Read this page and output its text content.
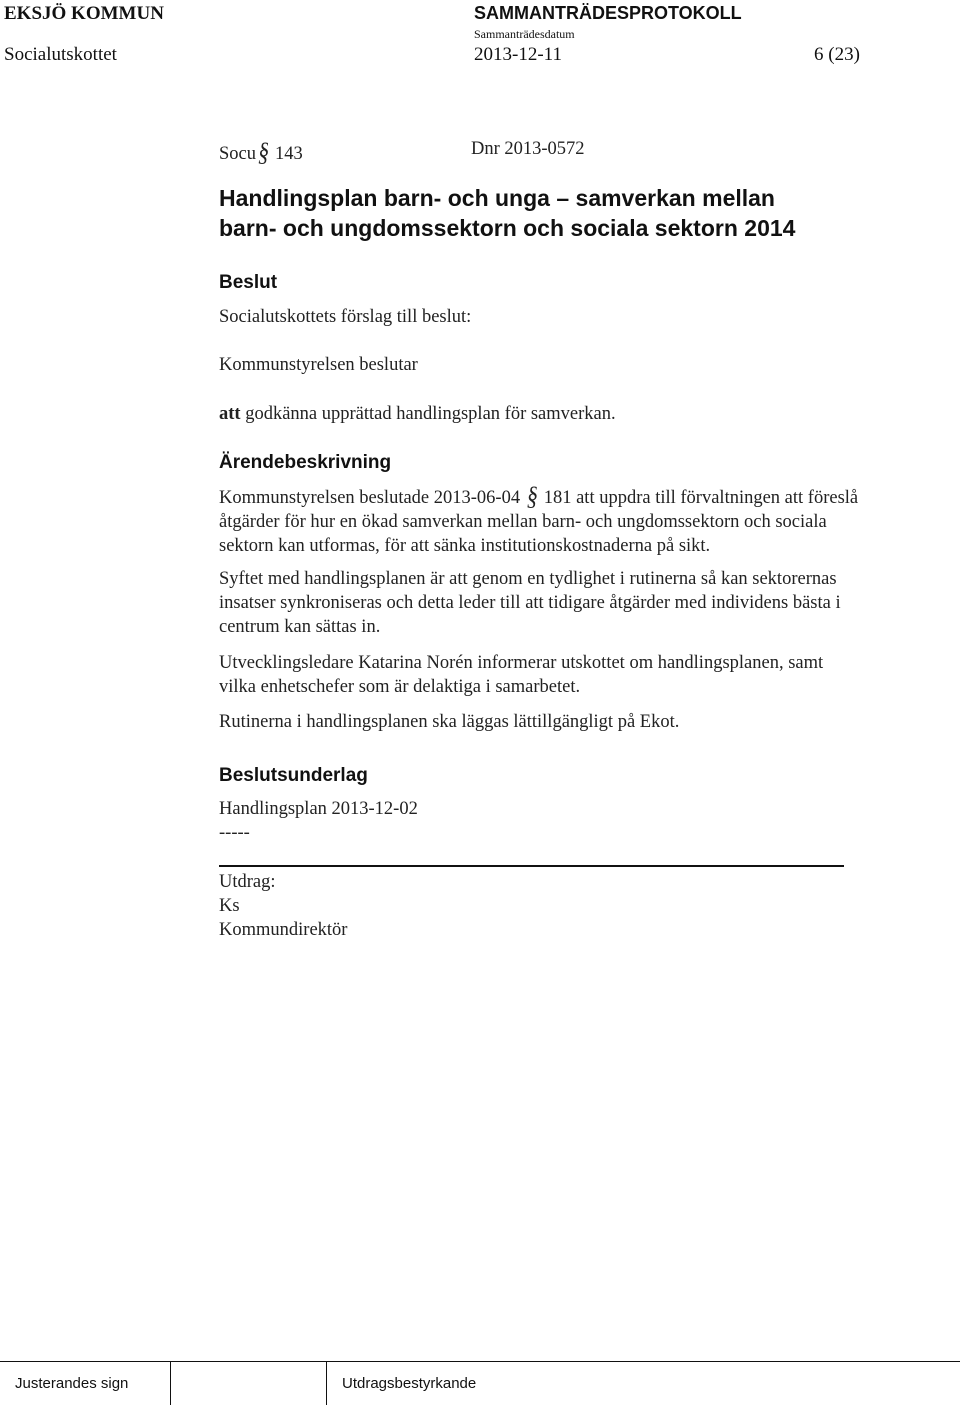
EKSJÖ KOMMUN	SAMMANTRÄDESPROTOKOLL
Sammanträdesdatum
Socialutskottet	2013-12-11	6 (23)
Socu§ 143	Dnr 2013-0572
Handlingsplan barn- och unga – samverkan mellan
barn- och ungdomssektorn och sociala sektorn 2014
Beslut
Socialutskottets förslag till beslut:
Kommunstyrelsen beslutar
att godkänna upprättad handlingsplan för samverkan.
Ärendebeskrivning
Kommunstyrelsen beslutade 2013-06-04 § 181 att uppdra till förvaltningen att föreslå
åtgärder för hur en ökad samverkan mellan barn- och ungdomssektorn och sociala
sektorn kan utformas, för att sänka institutionskostnaderna på sikt.
Syftet med handlingsplanen är att genom en tydlighet i rutinerna så kan sektorernas
insatser synkroniseras och detta leder till att tidigare åtgärder med individens bästa i
centrum kan sättas in.
Utvecklingsledare Katarina Norén informerar utskottet om handlingsplanen, samt
vilka enhetschefer som är delaktiga i samarbetet.
Rutinerna i handlingsplanen ska läggas lättillgängligt på Ekot.
Beslutsunderlag
Handlingsplan 2013-12-02
-----
Utdrag:
Ks
Kommundirektör
Justerandes sign	Utdragsbestyrkande
